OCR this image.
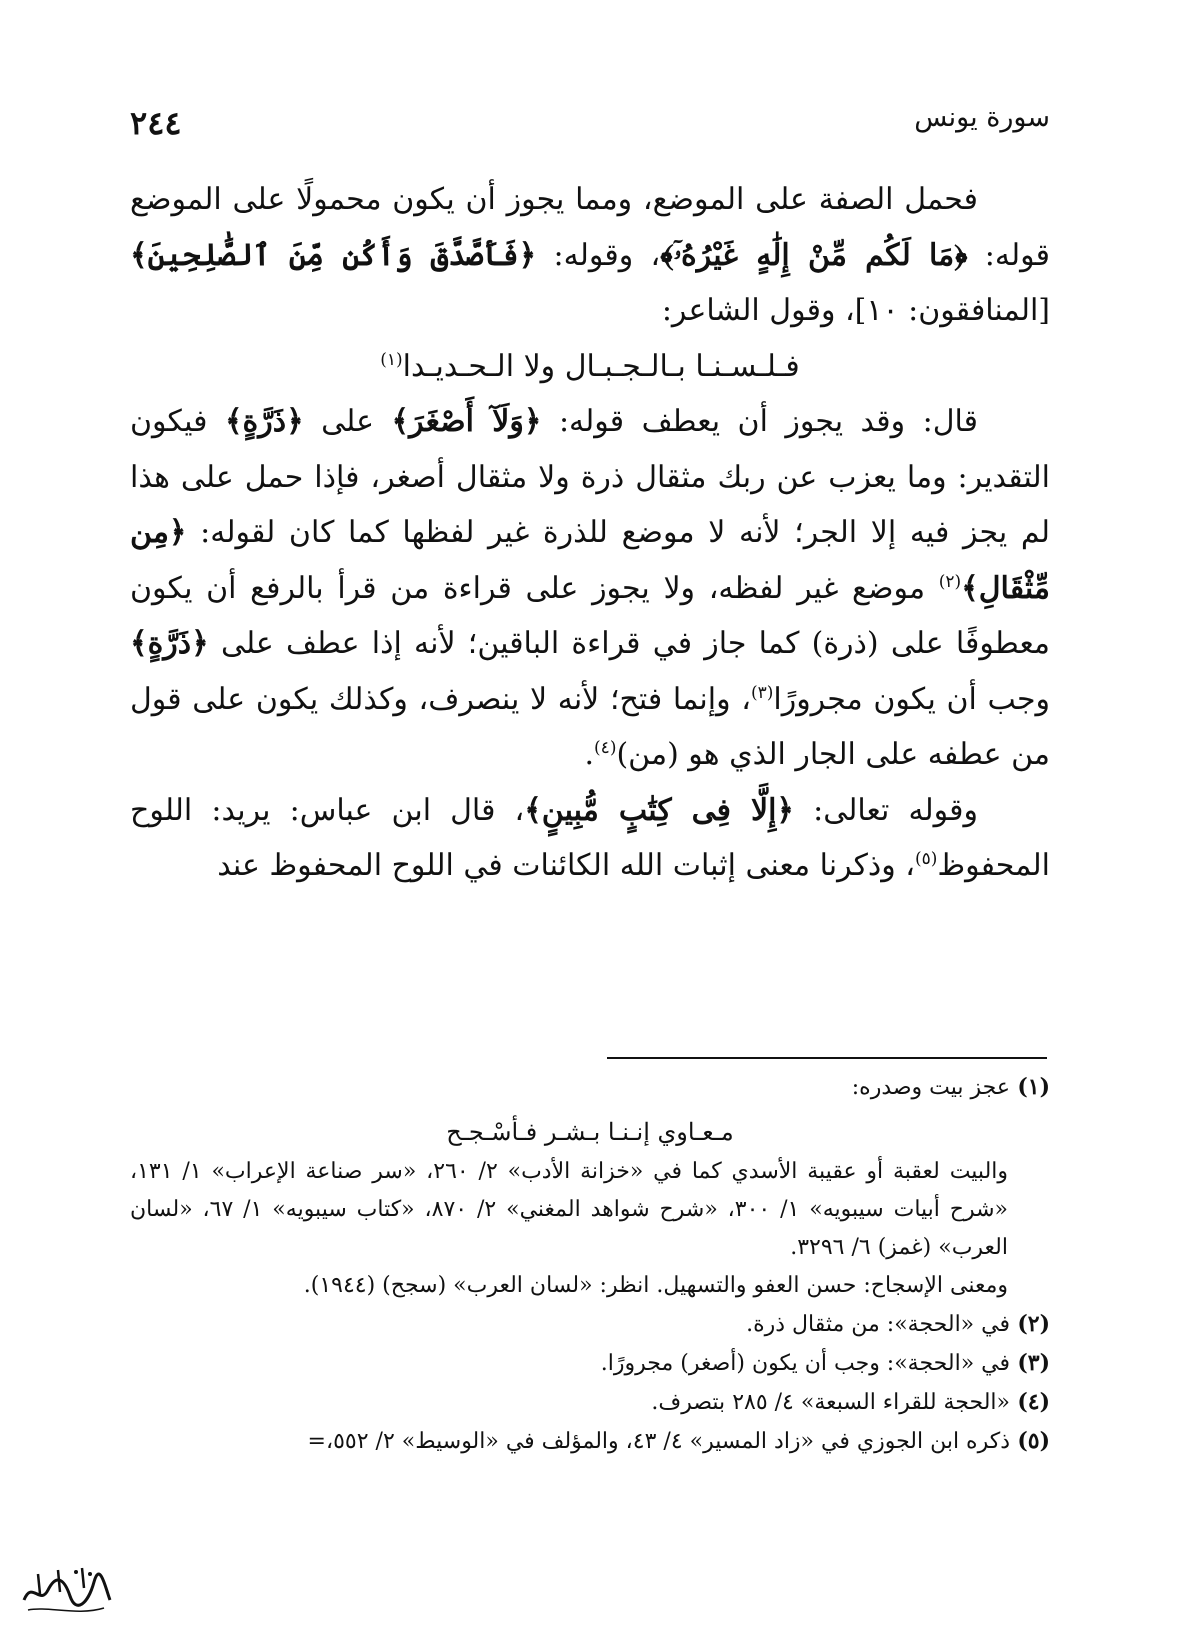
سورة يونس
٢٤٤

فحمل الصفة على الموضع، ومما يجوز أن يكون محمولًا على الموضع قوله: ﴿مَا لَكُم مِّنْ إِلَٰهٍ غَيْرُهُۥٓ﴾، وقوله: ﴿فَأَصَّدَّقَ وَأَكُن مِّنَ ٱلصَّٰلِحِينَ﴾ [المنافقون: ١٠]، وقول الشاعر:

فـلـسـنـا بـالـجـبـال ولا الـحـديـدا$^{(١)}$

قال: وقد يجوز أن يعطف قوله: ﴿وَلَآ أَصْغَرَ﴾ على ﴿ذَرَّةٍ﴾ فيكون التقدير: وما يعزب عن ربك مثقال ذرة ولا مثقال أصغر، فإذا حمل على هذا لم يجز فيه إلا الجر؛ لأنه لا موضع للذرة غير لفظها كما كان لقوله: ﴿مِن مِّثْقَالِ﴾$^{(٢)}$ موضع غير لفظه، ولا يجوز على قراءة من قرأ بالرفع أن يكون معطوفًا على (ذرة) كما جاز في قراءة الباقين؛ لأنه إذا عطف على ﴿ذَرَّةٍ﴾ وجب أن يكون مجرورًا$^{(٣)}$، وإنما فتح؛ لأنه لا ينصرف، وكذلك يكون على قول من عطفه على الجار الذي هو (من)$^{(٤)}$.

وقوله تعالى: ﴿إِلَّا فِى كِتَٰبٍ مُّبِينٍ﴾، قال ابن عباس: يريد: اللوح المحفوظ$^{(٥)}$، وذكرنا معنى إثبات الله الكائنات في اللوح المحفوظ عند

(١)عجز بيت وصدره:

مـعـاوي إنـنـا بـشـر فـأسْـجـح

والبيت لعقبة أو عقيبة الأسدي كما في «خزانة الأدب» ٢/ ٢٦٠، «سر صناعة الإعراب» ١/ ١٣١، «شرح أبيات سيبويه» ١/ ٣٠٠، «شرح شواهد المغني» ٢/ ٨٧٠، «كتاب سيبويه» ١/ ٦٧، «لسان العرب» (غمز) ٦/ ٣٢٩٦.

ومعنى الإسجاح: حسن العفو والتسهيل. انظر: «لسان العرب» (سجح) (١٩٤٤).

(٢)في «الحجة»: من مثقال ذرة.

(٣)في «الحجة»: وجب أن يكون (أصغر) مجرورًا.

(٤)«الحجة للقراء السبعة» ٤/ ٢٨٥ بتصرف.

(٥)ذكره ابن الجوزي في «زاد المسير» ٤/ ٤٣، والمؤلف في «الوسيط» ٢/ ٥٥٢،=
